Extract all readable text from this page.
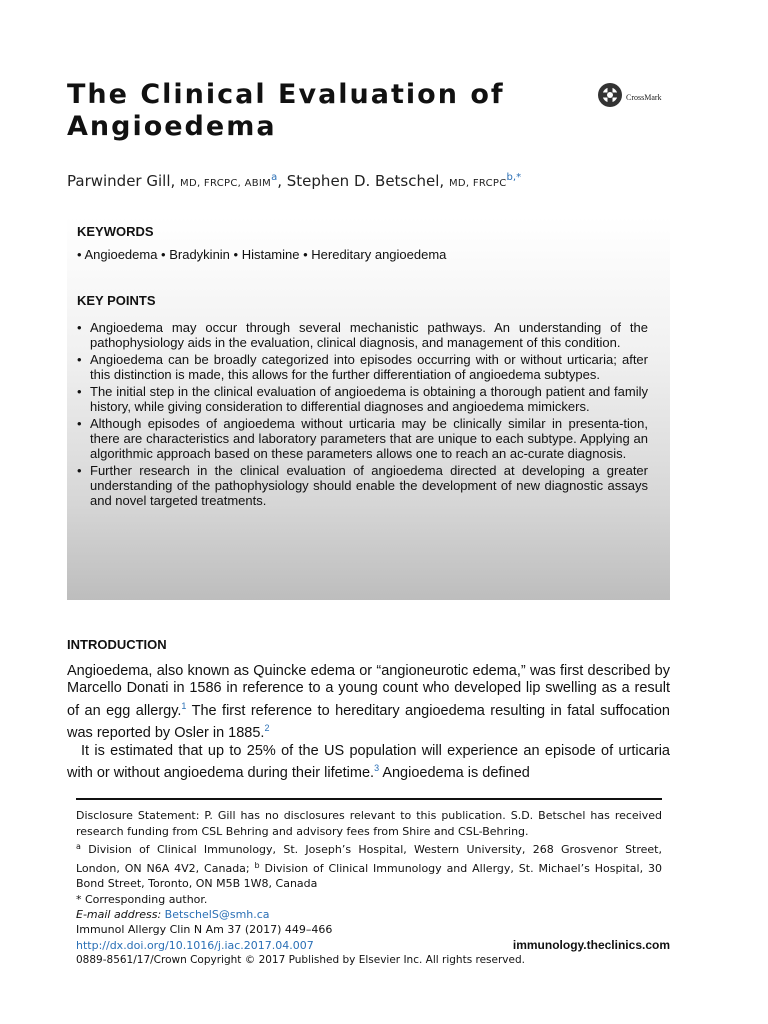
The Clinical Evaluation of Angioedema
CrossMark
Parwinder Gill, MD, FRCPC, ABIM$^a$, Stephen D. Betschel, MD, $FRCPC^{b,*}$
KEYWORDS
• Angioedema • Bradykinin • Histamine • Hereditary angioedema
KEY POINTS
• Angioedema may occur through several mechanistic pathways. An understanding of the pathophysiology aids in the evaluation, clinical diagnosis, and management of this condition.
• Angioedema can be broadly categorized into episodes occurring with or without urticaria; after this distinction is made, this allows for the further differentiation of angioedema subtypes.
• The initial step in the clinical evaluation of angioedema is obtaining a thorough patient and family history, while giving consideration to differential diagnoses and angioedema mimickers.
• Although episodes of angioedema without urticaria may be clinically similar in presenta-tion, there are characteristics and laboratory parameters that are unique to each subtype. Applying an algorithmic approach based on these parameters allows one to reach an ac-curate diagnosis.
• Further research in the clinical evaluation of angioedema directed at developing a greater understanding of the pathophysiology should enable the development of new diagnostic assays and novel targeted treatments.
INTRODUCTION

Angioedema, also known as Quincke edema or “angioneurotic edema,” was first described by Marcello Donati in 1586 in reference to a young count who developed lip swelling as a result of an egg allergy.$^1$ The first reference to hereditary angioedema resulting in fatal suffocation was reported by Osler in 1885.$^2$

It is estimated that up to 25% of the US population will experience an episode of urticaria with or without angioedema during their lifetime.$^3$ Angioedema is defined

Disclosure Statement: P. Gill has no disclosures relevant to this publication. S.D. Betschel has received research funding from CSL Behring and advisory fees from Shire and CSL-Behring.

$^a$ Division of Clinical Immunology, St. Joseph’s Hospital, Western University, 268 Grosvenor Street, London, ON N6A 4V2, Canada; $^b$ Division of Clinical Immunology and Allergy, St. Michael’s Hospital, 30 Bond Street, Toronto, ON M5B 1W8, Canada

* Corresponding author.

E-mail address: BetschelS@smh.ca

Immunol Allergy Clin N Am 37 (2017) 449–466
http://dx.doi.org/10.1016/j.iac.2017.04.007	immunology.theclinics.com
0889-8561/17/Crown Copyright © 2017 Published by Elsevier Inc. All rights reserved.
